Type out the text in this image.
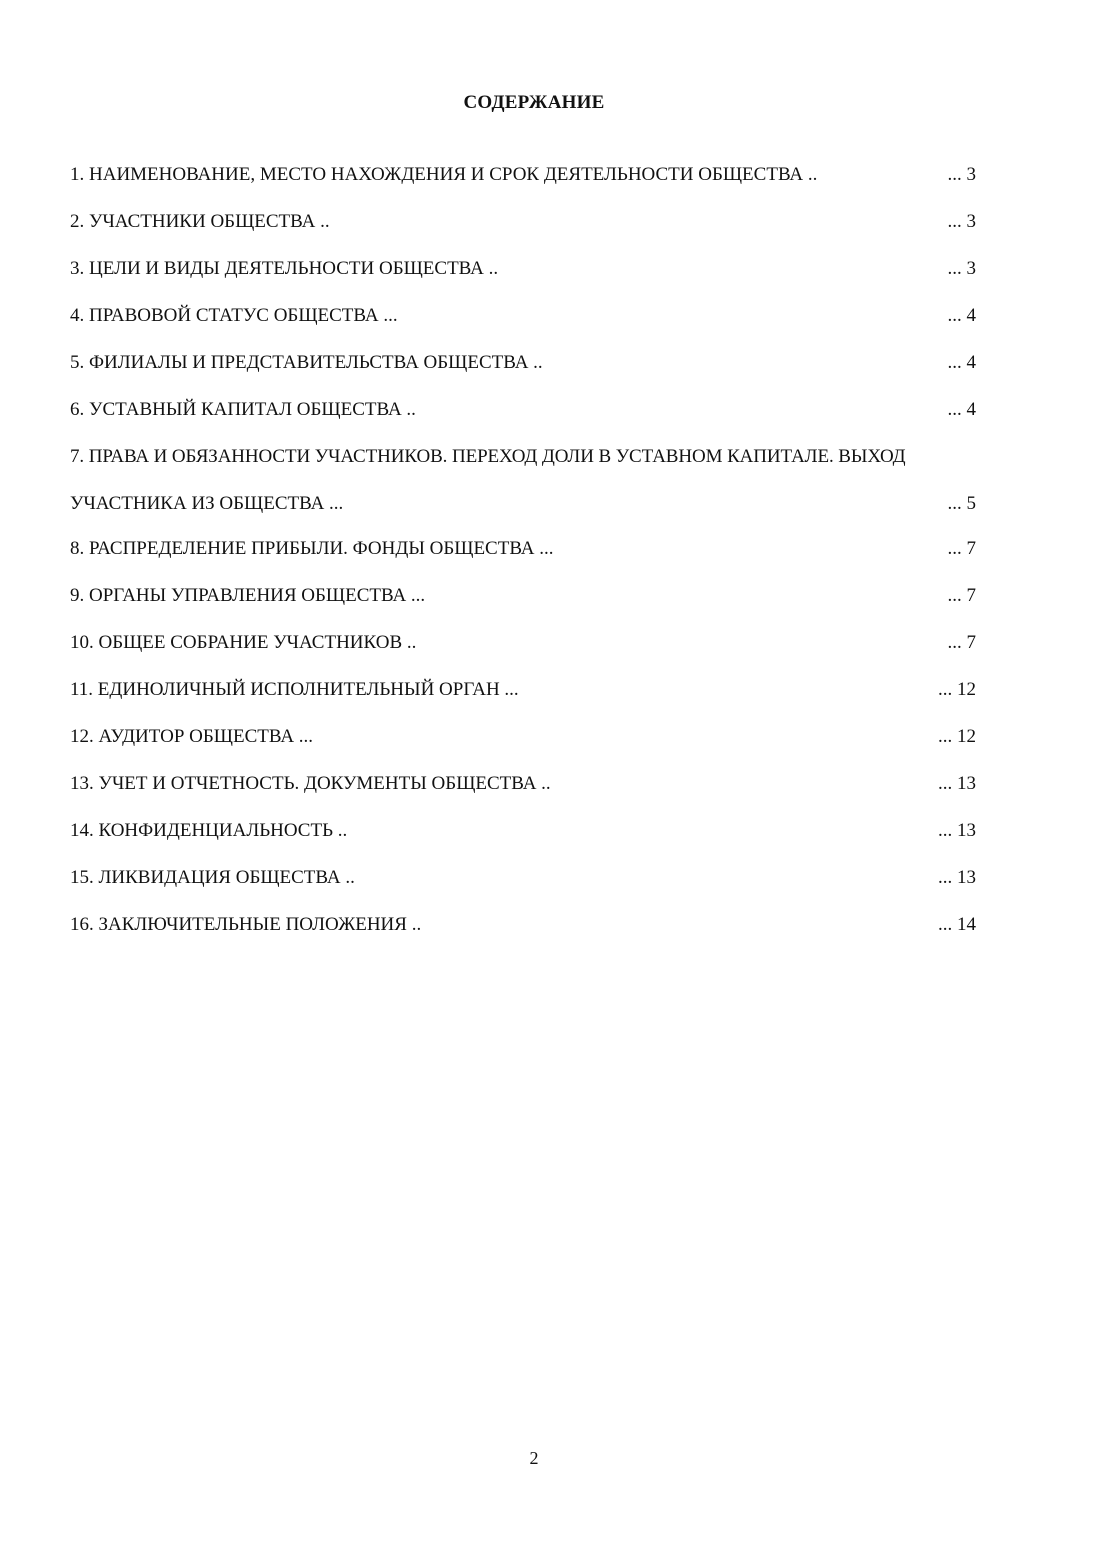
СОДЕРЖАНИЕ
1. НАИМЕНОВАНИЕ, МЕСТО НАХОЖДЕНИЯ И СРОК ДЕЯТЕЛЬНОСТИ ОБЩЕСТВА ..	... 3
2. УЧАСТНИКИ ОБЩЕСТВА ..	... 3
3. ЦЕЛИ И ВИДЫ ДЕЯТЕЛЬНОСТИ ОБЩЕСТВА ..	... 3
4. ПРАВОВОЙ СТАТУС ОБЩЕСТВА ...	... 4
5. ФИЛИАЛЫ И ПРЕДСТАВИТЕЛЬСТВА ОБЩЕСТВА ..	... 4
6. УСТАВНЫЙ КАПИТАЛ ОБЩЕСТВА ..	... 4
7. ПРАВА И ОБЯЗАННОСТИ УЧАСТНИКОВ. ПЕРЕХОД ДОЛИ В УСТАВНОМ КАПИТАЛЕ. ВЫХОД
УЧАСТНИКА ИЗ ОБЩЕСТВА ...	... 5
8. РАСПРЕДЕЛЕНИЕ ПРИБЫЛИ. ФОНДЫ ОБЩЕСТВА ...	... 7
9. ОРГАНЫ УПРАВЛЕНИЯ ОБЩЕСТВА ...	... 7
10. ОБЩЕЕ СОБРАНИЕ УЧАСТНИКОВ ..	... 7
11. ЕДИНОЛИЧНЫЙ ИСПОЛНИТЕЛЬНЫЙ ОРГАН ...	... 12
12. АУДИТОР ОБЩЕСТВА ...	... 12
13. УЧЕТ И ОТЧЕТНОСТЬ. ДОКУМЕНТЫ ОБЩЕСТВА ..	... 13
14. КОНФИДЕНЦИАЛЬНОСТЬ ..	... 13
15. ЛИКВИДАЦИЯ ОБЩЕСТВА ..	... 13
16. ЗАКЛЮЧИТЕЛЬНЫЕ ПОЛОЖЕНИЯ ..	... 14
2
